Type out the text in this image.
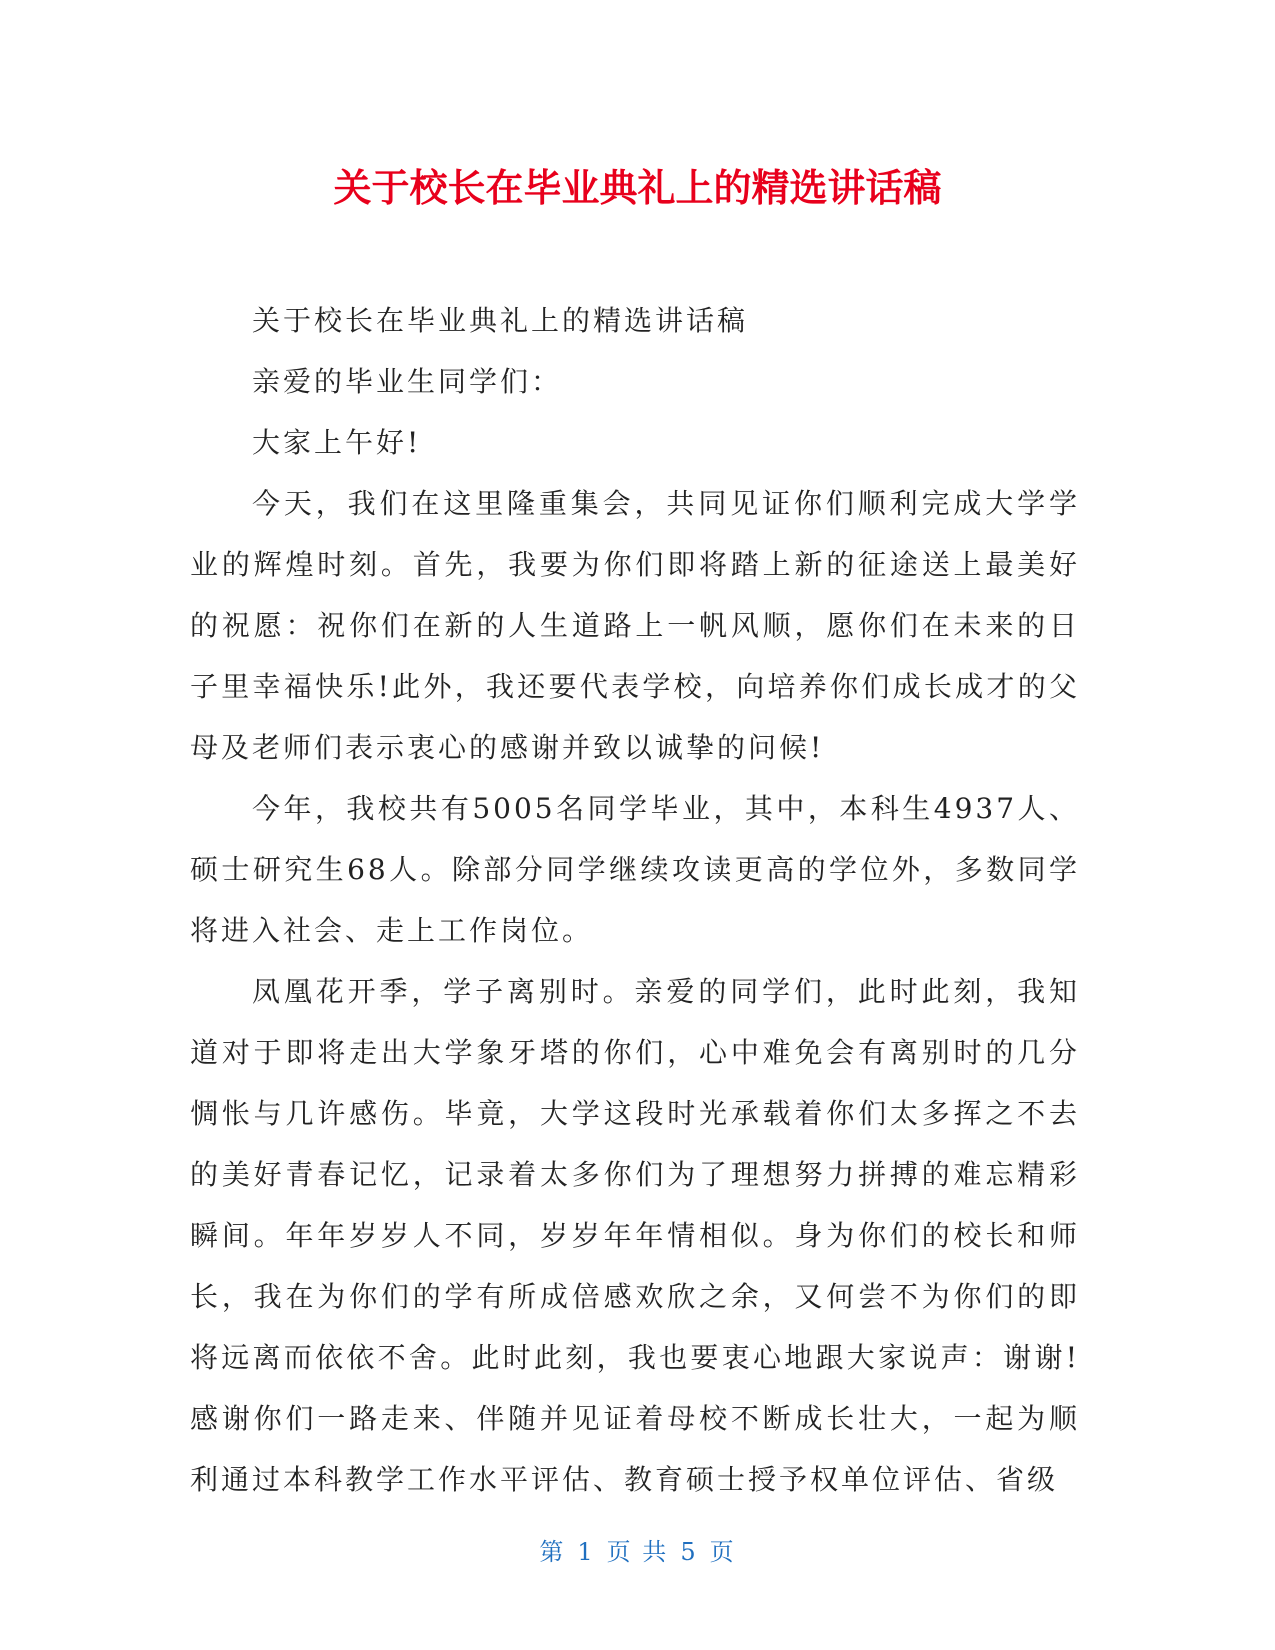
关于校长在毕业典礼上的精选讲话稿

关于校长在毕业典礼上的精选讲话稿

亲爱的毕业生同学们：

大家上午好!

今天，我们在这里隆重集会，共同见证你们顺利完成大学学业的辉煌时刻。首先，我要为你们即将踏上新的征途送上最美好的祝愿：祝你们在新的人生道路上一帆风顺，愿你们在未来的日子里幸福快乐!此外，我还要代表学校，向培养你们成长成才的父母及老师们表示衷心的感谢并致以诚挚的问候!

今年，我校共有5005名同学毕业，其中，本科生4937人、硕士研究生68人。除部分同学继续攻读更高的学位外，多数同学将进入社会、走上工作岗位。

凤凰花开季，学子离别时。亲爱的同学们，此时此刻，我知道对于即将走出大学象牙塔的你们，心中难免会有离别时的几分惆怅与几许感伤。毕竟，大学这段时光承载着你们太多挥之不去的美好青春记忆，记录着太多你们为了理想努力拼搏的难忘精彩瞬间。年年岁岁人不同，岁岁年年情相似。身为你们的校长和师长，我在为你们的学有所成倍感欢欣之余，又何尝不为你们的即将远离而依依不舍。此时此刻，我也要衷心地跟大家说声：谢谢!感谢你们一路走来、伴随并见证着母校不断成长壮大，一起为顺利通过本科教学工作水平评估、教育硕士授予权单位评估、省级

第 1 页 共 5 页
